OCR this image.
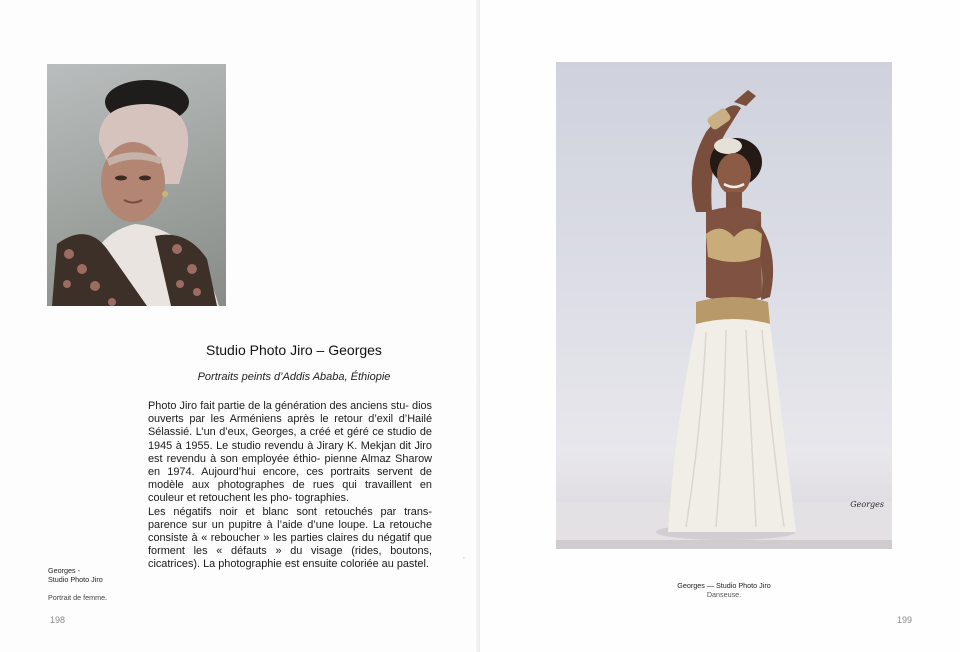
Studio Photo Jiro – Georges
Portraits peints d’Addis Ababa, Éthiopie

Photo Jiro fait partie de la génération des anciens stu- dios ouverts par les Arméniens après le retour d’exil d’Hailé Sélassié. L’un d’eux, Georges, a créé et géré ce studio de 1945 à 1955. Le studio revendu à Jirary K. Mekjan dit Jiro est revendu à son employée éthio- pienne Almaz Sharow en 1974. Aujourd’hui encore, ces portraits servent de modèle aux photographes de rues qui travaillent en couleur et retouchent les pho- tographies.

Les négatifs noir et blanc sont retouchés par trans- parence sur un pupitre à l’aide d’une loupe. La retouche consiste à « reboucher » les parties claires du négatif que forment les « défauts » du visage (rides, boutons, cicatrices). La photographie est ensuite coloriée au pastel.

Georges -
Studio Photo Jiro
Portrait de femme.
198
·
Georges
Georges — Studio Photo Jiro
Danseuse.
199
